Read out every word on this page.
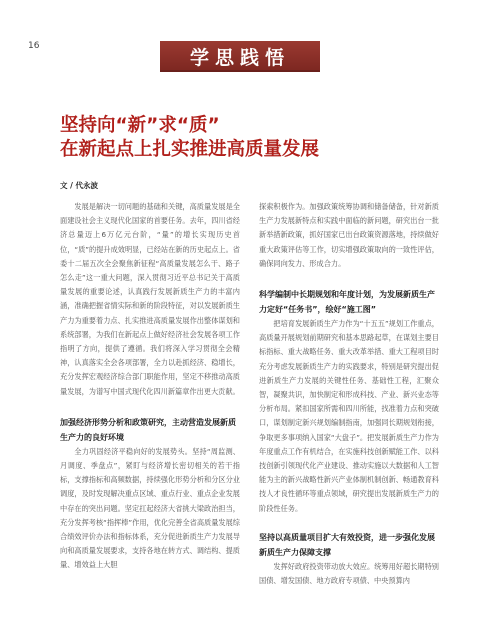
16
学思践悟
坚持向“新”求“质”
在新起点上扎实推进高质量发展
文 / 代永波

发展是解决一切问题的基础和关键，高质量发展是全面建设社会主义现代化国家的首要任务。去年，四川省经济总量迈上6万亿元台阶，“量”的增长实现历史首位，“质”的提升成效明显，已经站在新的历史起点上。省委十二届五次全会聚焦新征程“高质量发展怎么干、路子怎么走”这一重大问题，深入贯彻习近平总书记关于高质量发展的重要论述，认真践行发展新质生产力的丰富内涵，准确把握省情实际和新的阶段特征，对以发展新质生产力为重要着力点、扎实推进高质量发展作出整体谋划和系统部署，为我们在新起点上做好经济社会发展各项工作指明了方向，提供了遵循。我们将深入学习贯彻全会精神，认真落实全会各项部署，全力以赴抓经济、稳增长，充分发挥宏观经济综合部门职能作用，坚定不移推动高质量发展，为谱写中国式现代化四川新篇章作出更大贡献。

加强经济形势分析和政策研究，主动营造发展新质生产力的良好环境

全力巩固经济平稳向好的发展势头。坚持“周监测、月调度、季盘点”，紧盯与经济增长密切相关的若干指标，支撑指标和高频数据，持续强化形势分析和分区分业调度，及时发现解决重点区域、重点行业、重点企业发展中存在的突出问题。坚定扛起经济大省挑大梁政治担当，充分发挥考核“指挥棒”作用，优化完善全省高质量发展综合绩效评价办法和指标体系，充分促进新质生产力发展导向和高质量发展要求，支持各地在转方式、调结构、提质量、增效益上大胆

探索积极作为。加强政策统筹协调和储备储备，针对新质生产力发展新特点和实践中面临的新问题，研究出台一批新举措新政策，抓好国家已出台政策资源落地，持续做好重大政策评估等工作，切实增强政策取向的一致性评估，确保同向发力、形成合力。

科学编制中长期规划和年度计划，为发展新质生产力定好“任务书”，绘好“施工图”

把培育发展新质生产力作为“十五五”规划工作重点，高质量开展规划前期研究和基本思路起草，在谋划主要目标指标、重大战略任务、重大改革举措、重大工程项目时充分考虑发展新质生产力的实践要求，特别是研究提出促进新质生产力发展的关键性任务、基础性工程，汇聚众智，凝聚共识，加快制定和形成科技、产业、新兴业态等分析布局。紧扣国家所需和四川所能，找准着力点和突破口，谋划制定新兴规划编制指南，加强同长期规划衔接，争取更多事项纳入国家“大盘子”。把发展新质生产力作为年度重点工作有机结合，在实施科技创新赋能工作、以科技创新引领现代化产业建设、推动实施以大数据和人工智能为主的新兴战略性新兴产业体制机制创新、畅通教育科技人才良性循环等重点领域，研究提出发展新质生产力的阶段性任务。

坚持以高质量项目扩大有效投资，进一步强化发展新质生产力保障支撑

发挥好政府投资带动放大效应。统筹用好超长期特别国债、增发国债、地方政府专项债、中央预算内
